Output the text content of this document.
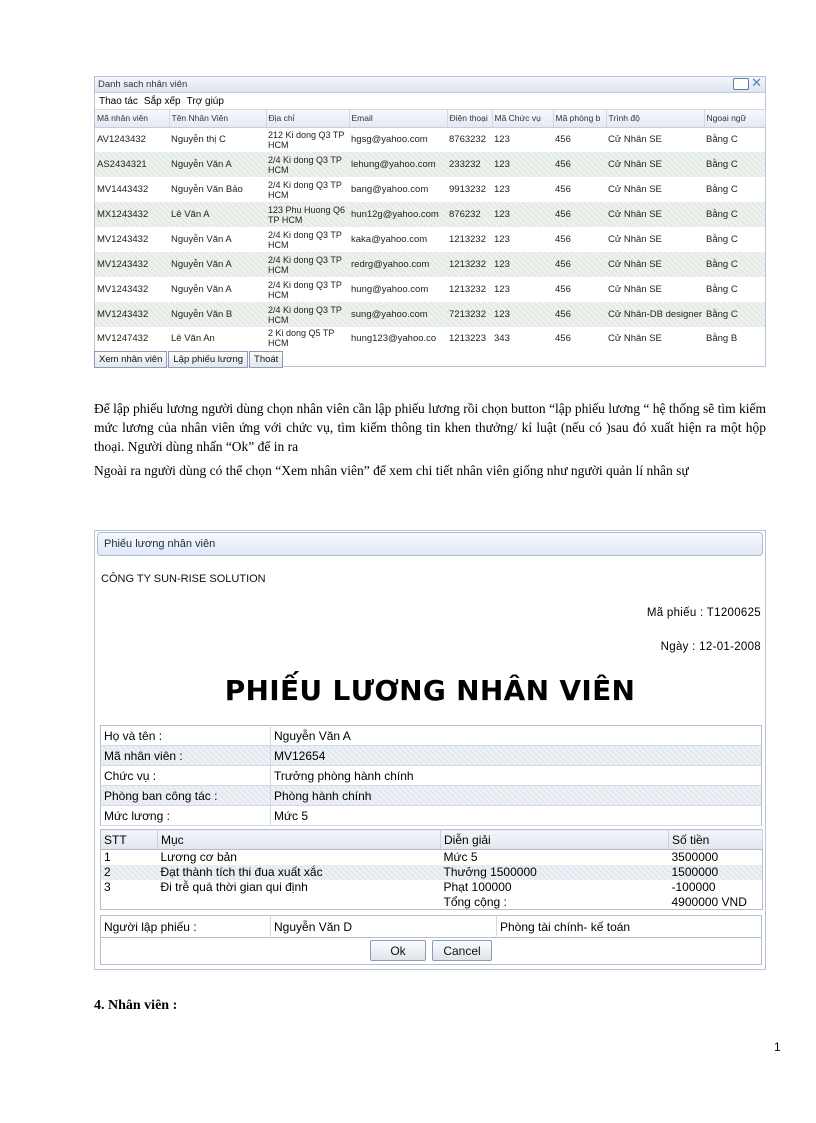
Danh sach nhân viên	✕
Thao tác Sắp xếp Trợ giúp
Mã nhân viên	Tên Nhân Viên	Địa chỉ	Email	Điện thoại	Mã Chức vụ	Mã phòng b	Trình độ	Ngoại ngữ
AV1243432	Nguyễn thị C	212 Ki dong Q3 TP HCM	hgsg@yahoo.com	8763232	123	456	Cử Nhân SE	Bằng C
AS2434321	Nguyễn Văn A	2/4 Ki dong Q3 TP HCM	lehung@yahoo.com	233232	123	456	Cử Nhân SE	Bằng C
MV1443432	Nguyễn Văn Bảo	2/4 Ki dong Q3 TP HCM	bang@yahoo.com	9913232	123	456	Cử Nhân SE	Bằng C
MX1243432	Lê Văn A	123 Phu Huong Q6 TP HCM	hun12g@yahoo.com	876232	123	456	Cử Nhân SE	Bằng C
MV1243432	Nguyễn Văn A	2/4 Ki dong Q3 TP HCM	kaka@yahoo.com	1213232	123	456	Cử Nhân SE	Bằng C
MV1243432	Nguyễn Văn A	2/4 Ki dong Q3 TP HCM	redrg@yahoo.com	1213232	123	456	Cử Nhân SE	Bằng C
MV1243432	Nguyễn Văn A	2/4 Ki dong Q3 TP HCM	hung@yahoo.com	1213232	123	456	Cử Nhân SE	Bằng C
MV1243432	Nguyễn Văn B	2/4 Ki dong Q3 TP HCM	sung@yahoo.com	7213232	123	456	Cử Nhân-DB designer	Bằng C
MV1247432	Lê Văn An	2 Ki dong Q5 TP HCM	hung123@yahoo.co	1213223	343	456	Cử Nhân SE	Bằng B
Xem nhân viên	Lập phiếu lương	Thoát

Để lập phiếu lương người dùng chọn nhân viên cần lập phiếu lương rồi chọn button “lập phiếu lương “ hệ thống sẽ tìm kiếm mức lương của nhân viên ứng với chức vụ, tìm kiếm thông tin khen thưởng/ kỉ luật (nếu có )sau đó xuất hiện ra một hộp thoại. Người dùng nhấn “Ok” để in ra

Ngoài ra người dùng có thể chọn “Xem nhân viên” để xem chi tiết nhân viên giống như người quản lí nhân sự

Phiếu lương nhân viên
CÔNG TY SUN-RISE SOLUTION
Mã phiếu : T1200625
Ngày : 12-01-2008
PHIẾU LƯƠNG NHÂN VIÊN
Họ và tên :	Nguyễn Văn A
Mã nhân viên :	MV12654
Chức vụ :	Trưởng phòng hành chính
Phòng ban công tác :	Phòng hành chính
Mức lương :	Mức 5
STT	Mục	Diễn giải	Số tiền
1	Lương cơ bản	Mức 5	3500000
2	Đạt thành tích thi đua xuất xắc	Thưởng 1500000	1500000
3	Đi trễ quá thời gian qui định	Phạt 100000	-100000
		Tổng cộng :	4900000 VND
Người lập phiếu :	Nguyễn Văn D	Phòng tài chính- kế toán
Ok	Cancel
4. Nhân viên :
1
